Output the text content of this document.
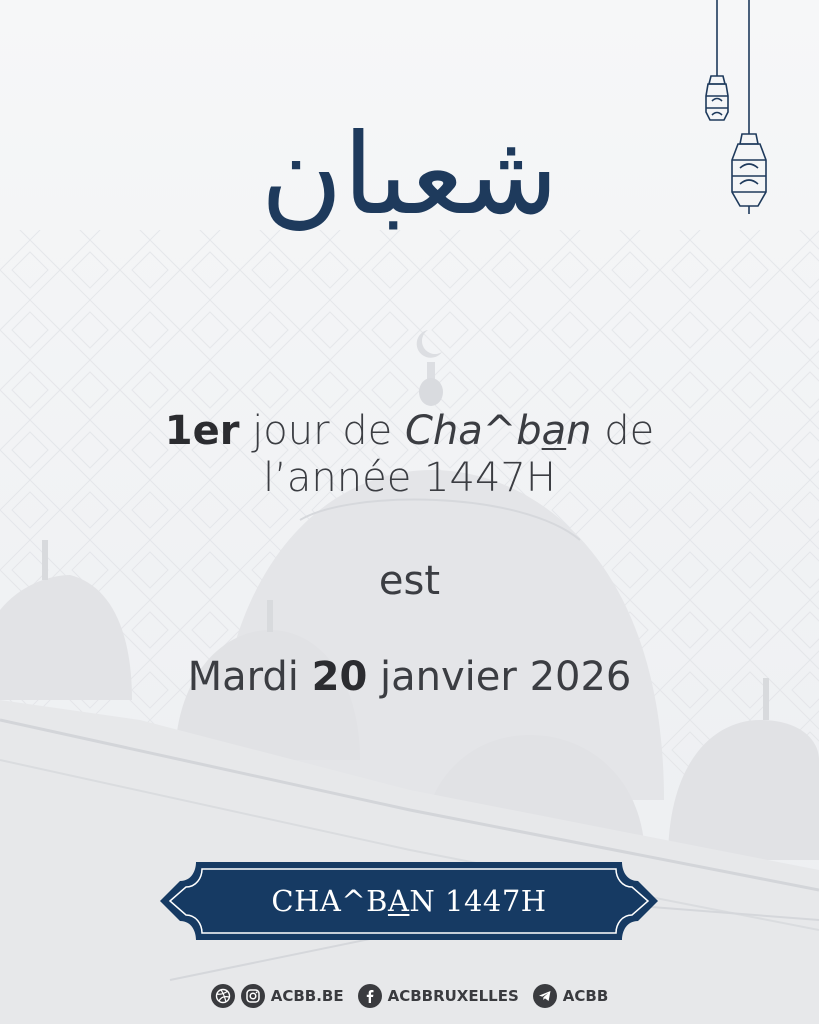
شعبان
1er jour de Cha^ban de
l’année 1447H
est
Mardi 20 janvier 2026
CHA^B A N 1447H
ACBB.BE	ACBBRUXELLES	ACBB
